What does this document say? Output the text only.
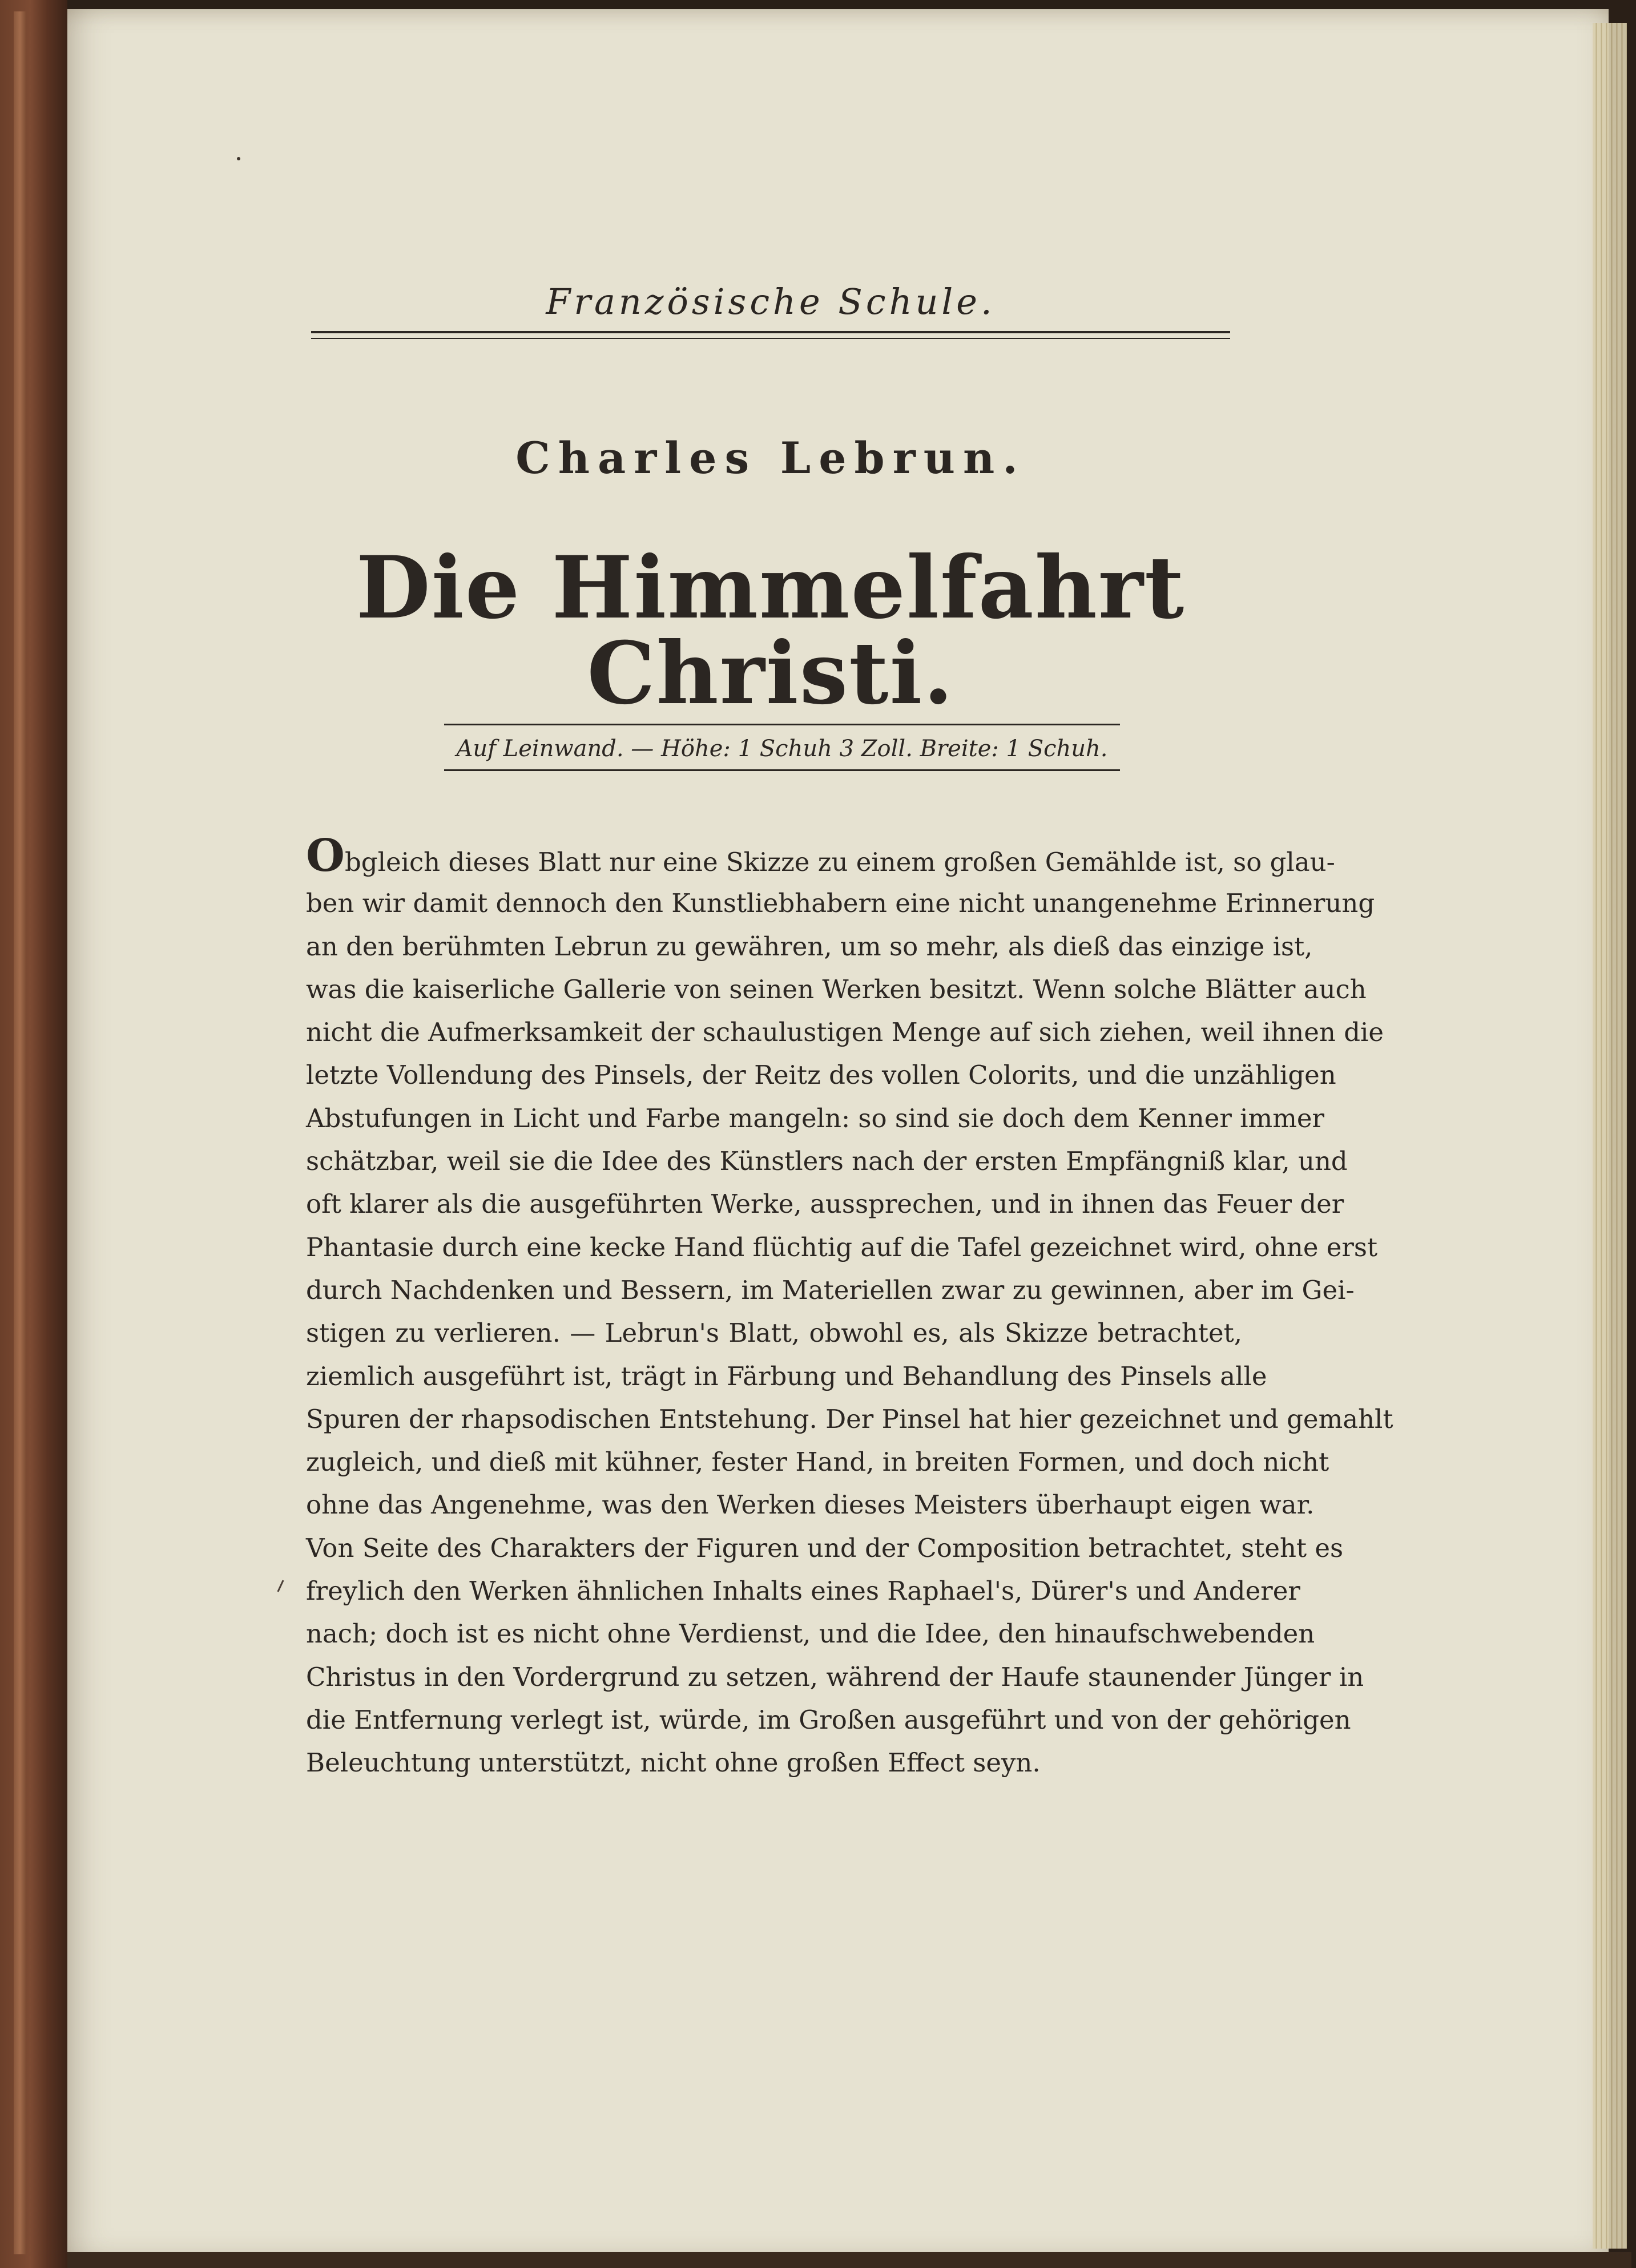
Französische Schule.
Charles Lebrun.
Die Himmelfahrt Christi.
Auf Leinwand. — Höhe: 1 Schuh 3 Zoll. Breite: 1 Schuh.
Obgleich dieses Blatt nur eine Skizze zu einem großen Gemählde ist, so glau-
ben wir damit dennoch den Kunstliebhabern eine nicht unangenehme Erinnerung
an den berühmten Lebrun zu gewähren, um so mehr, als dieß das einzige ist,
was die kaiserliche Gallerie von seinen Werken besitzt. Wenn solche Blätter auch
nicht die Aufmerksamkeit der schaulustigen Menge auf sich ziehen, weil ihnen die
letzte Vollendung des Pinsels, der Reitz des vollen Colorits, und die unzähligen
Abstufungen in Licht und Farbe mangeln: so sind sie doch dem Kenner immer
schätzbar, weil sie die Idee des Künstlers nach der ersten Empfängniß klar, und
oft klarer als die ausgeführten Werke, aussprechen, und in ihnen das Feuer der
Phantasie durch eine kecke Hand flüchtig auf die Tafel gezeichnet wird, ohne erst
durch Nachdenken und Bessern, im Materiellen zwar zu gewinnen, aber im Gei-
stigen zu verlieren. — Lebrun's Blatt, obwohl es, als Skizze betrachtet,
ziemlich ausgeführt ist, trägt in Färbung und Behandlung des Pinsels alle
Spuren der rhapsodischen Entstehung. Der Pinsel hat hier gezeichnet und gemahlt
zugleich, und dieß mit kühner, fester Hand, in breiten Formen, und doch nicht
ohne das Angenehme, was den Werken dieses Meisters überhaupt eigen war.
Von Seite des Charakters der Figuren und der Composition betrachtet, steht es
freylich den Werken ähnlichen Inhalts eines Raphael's, Dürer's und Anderer
nach; doch ist es nicht ohne Verdienst, und die Idee, den hinaufschwebenden
Christus in den Vordergrund zu setzen, während der Haufe staunender Jünger in
die Entfernung verlegt ist, würde, im Großen ausgeführt und von der gehörigen
Beleuchtung unterstützt, nicht ohne großen Effect seyn.
